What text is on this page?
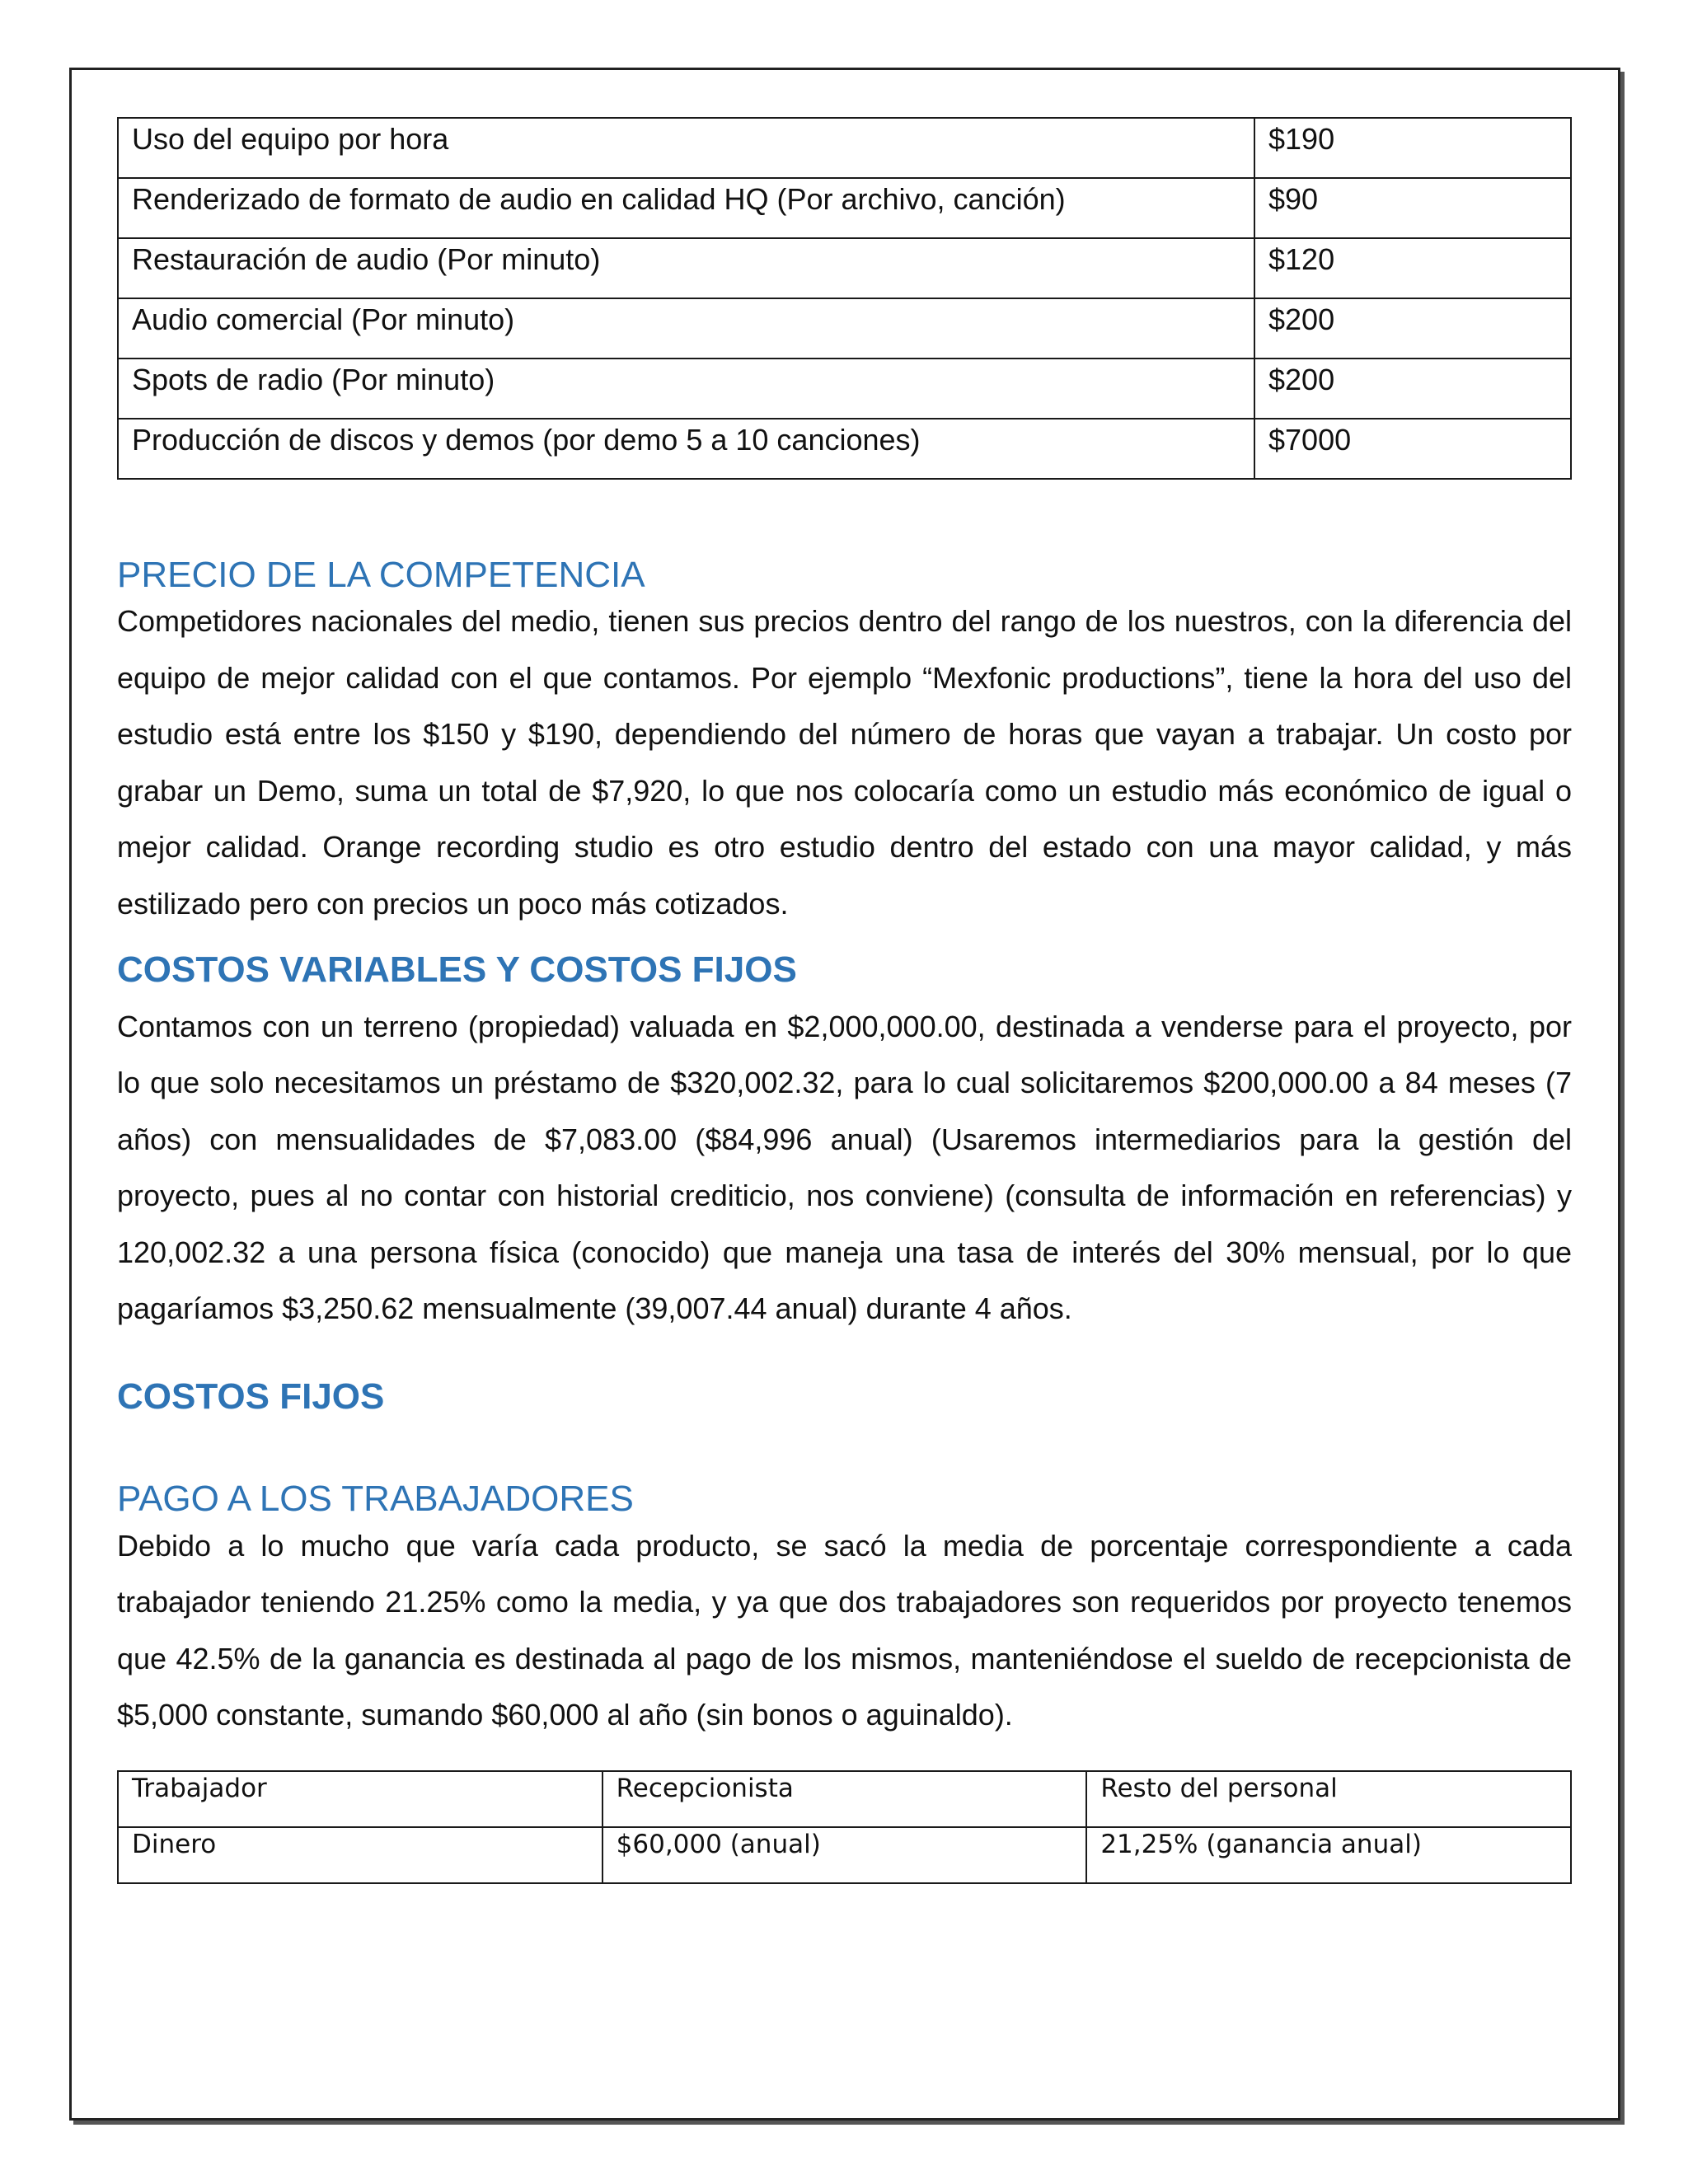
Uso del equipo por hora	$190
Renderizado de formato de audio en calidad HQ (Por archivo, canción)	$90
Restauración de audio (Por minuto)	$120
Audio comercial (Por minuto)	$200
Spots de radio (Por minuto)	$200
Producción de discos y demos (por demo 5 a 10 canciones)	$7000
PRECIO DE LA COMPETENCIA

Competidores nacionales del medio, tienen sus precios dentro del rango de los nuestros, con la diferencia del equipo de mejor calidad con el que contamos. Por ejemplo “Mexfonic productions”, tiene la hora del uso del estudio está entre los $150 y $190, dependiendo del número de horas que vayan a trabajar. Un costo por grabar un Demo, suma un total de $7,920, lo que nos colocaría como un estudio más económico de igual o mejor calidad. Orange recording studio es otro estudio dentro del estado con una mayor calidad, y más estilizado pero con precios un poco más cotizados.

COSTOS VARIABLES Y COSTOS FIJOS

Contamos con un terreno (propiedad) valuada en $2,000,000.00, destinada a venderse para el proyecto, por lo que solo necesitamos un préstamo de $320,002.32, para lo cual solicitaremos $200,000.00 a 84 meses (7 años) con mensualidades de $7,083.00 ($84,996 anual) (Usaremos intermediarios para la gestión del proyecto, pues al no contar con historial crediticio, nos conviene) (consulta de información en referencias) y 120,002.32 a una persona física (conocido) que maneja una tasa de interés del 30% mensual, por lo que pagaríamos $3,250.62 mensualmente (39,007.44 anual) durante 4 años.

COSTOS FIJOS
PAGO A LOS TRABAJADORES

Debido a lo mucho que varía cada producto, se sacó la media de porcentaje correspondiente a cada trabajador teniendo 21.25% como la media, y ya que dos trabajadores son requeridos por proyecto tenemos que 42.5% de la ganancia es destinada al pago de los mismos, manteniéndose el sueldo de recepcionista de $5,000 constante, sumando $60,000 al año (sin bonos o aguinaldo).

Trabajador	Recepcionista	Resto del personal
Dinero	$60,000 (anual)	21,25% (ganancia anual)
